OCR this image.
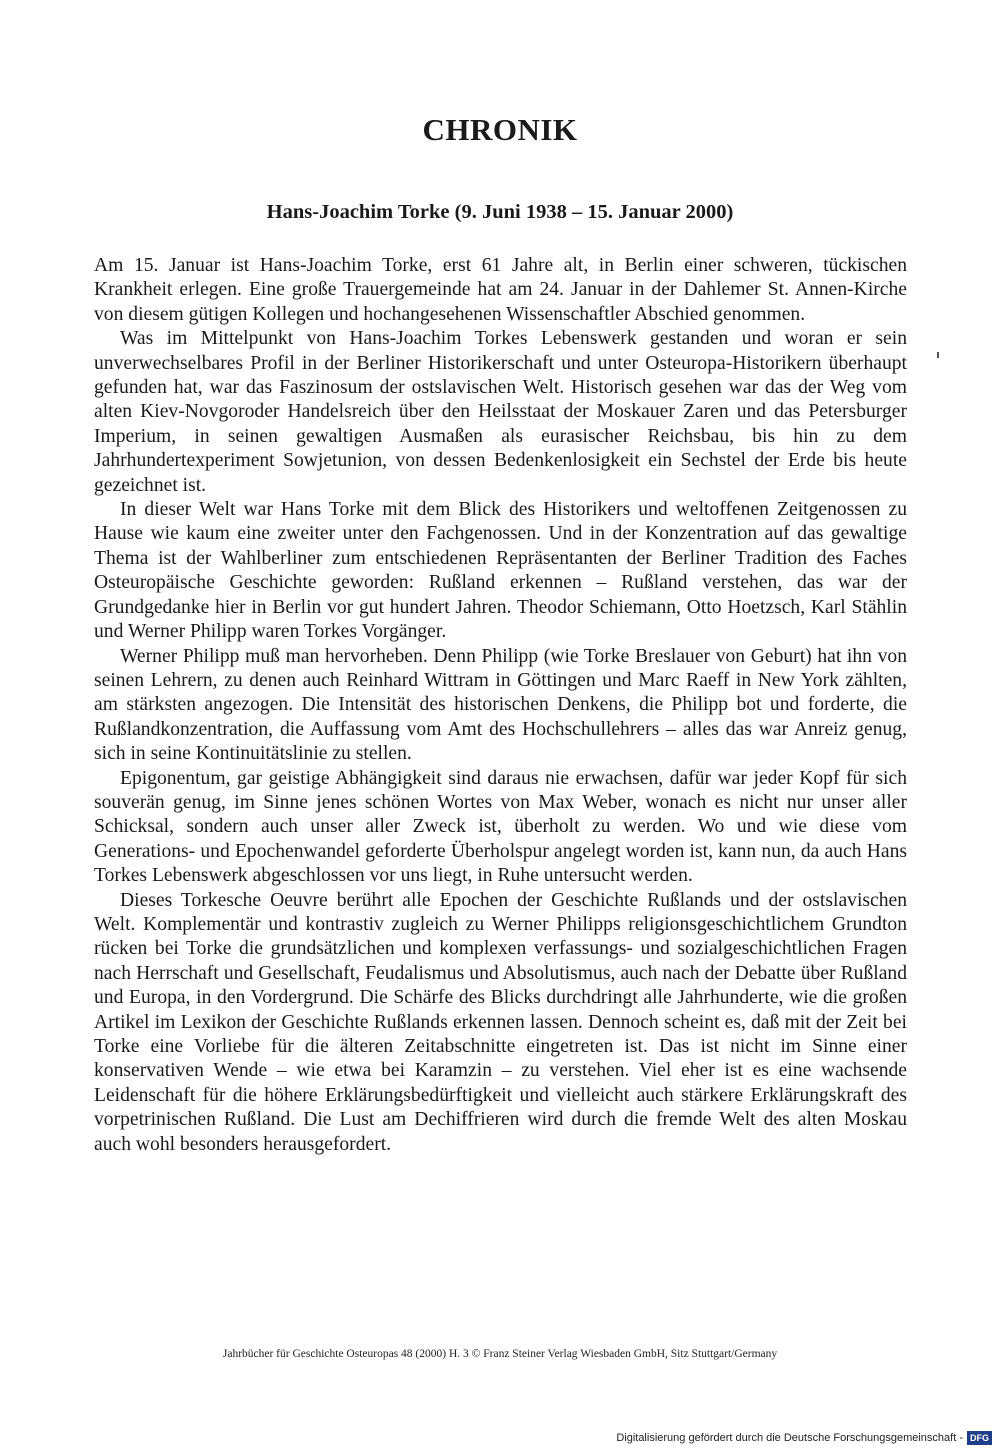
CHRONIK
Hans-Joachim Torke (9. Juni 1938 – 15. Januar 2000)

Am 15. Januar ist Hans-Joachim Torke, erst 61 Jahre alt, in Berlin einer schweren, tückischen Krankheit erlegen. Eine große Trauergemeinde hat am 24. Januar in der Dahlemer St. Annen-Kirche von diesem gütigen Kollegen und hochangesehenen Wissenschaftler Abschied genommen.

Was im Mittelpunkt von Hans-Joachim Torkes Lebenswerk gestanden und woran er sein unverwechselbares Profil in der Berliner Historikerschaft und unter Osteuropa-Historikern überhaupt gefunden hat, war das Faszinosum der ostslavischen Welt. Historisch gesehen war das der Weg vom alten Kiev-Novgoroder Handelsreich über den Heilsstaat der Moskauer Zaren und das Petersburger Imperium, in seinen gewaltigen Ausmaßen als eurasischer Reichsbau, bis hin zu dem Jahrhundertexperiment Sowjetunion, von dessen Bedenkenlosigkeit ein Sechstel der Erde bis heute gezeichnet ist.

In dieser Welt war Hans Torke mit dem Blick des Historikers und weltoffenen Zeitgenossen zu Hause wie kaum eine zweiter unter den Fachgenossen. Und in der Konzentration auf das gewaltige Thema ist der Wahlberliner zum entschiedenen Repräsentanten der Berliner Tradition des Faches Osteuropäische Geschichte geworden: Rußland erkennen – Rußland verstehen, das war der Grundgedanke hier in Berlin vor gut hundert Jahren. Theodor Schiemann, Otto Hoetzsch, Karl Stählin und Werner Philipp waren Torkes Vorgänger.

Werner Philipp muß man hervorheben. Denn Philipp (wie Torke Breslauer von Geburt) hat ihn von seinen Lehrern, zu denen auch Reinhard Wittram in Göttingen und Marc Raeff in New York zählten, am stärksten angezogen. Die Intensität des historischen Denkens, die Philipp bot und forderte, die Rußlandkonzentration, die Auffassung vom Amt des Hochschullehrers – alles das war Anreiz genug, sich in seine Kontinuitätslinie zu stellen.

Epigonentum, gar geistige Abhängigkeit sind daraus nie erwachsen, dafür war jeder Kopf für sich souverän genug, im Sinne jenes schönen Wortes von Max Weber, wonach es nicht nur unser aller Schicksal, sondern auch unser aller Zweck ist, überholt zu werden. Wo und wie diese vom Generations- und Epochenwandel geforderte Überholspur angelegt worden ist, kann nun, da auch Hans Torkes Lebenswerk abgeschlossen vor uns liegt, in Ruhe untersucht werden.

Dieses Torkesche Oeuvre berührt alle Epochen der Geschichte Rußlands und der ostslavischen Welt. Komplementär und kontrastiv zugleich zu Werner Philipps religionsgeschichtlichem Grundton rücken bei Torke die grundsätzlichen und komplexen verfassungs- und sozialgeschichtlichen Fragen nach Herrschaft und Gesellschaft, Feudalismus und Absolutismus, auch nach der Debatte über Rußland und Europa, in den Vordergrund. Die Schärfe des Blicks durchdringt alle Jahrhunderte, wie die großen Artikel im Lexikon der Geschichte Rußlands erkennen lassen. Dennoch scheint es, daß mit der Zeit bei Torke eine Vorliebe für die älteren Zeitabschnitte eingetreten ist. Das ist nicht im Sinne einer konservativen Wende – wie etwa bei Karamzin – zu verstehen. Viel eher ist es eine wachsende Leidenschaft für die höhere Erklärungsbedürftigkeit und vielleicht auch stärkere Erklärungskraft des vorpetrinischen Rußland. Die Lust am Dechiffrieren wird durch die fremde Welt des alten Moskau auch wohl besonders herausgefordert.

Jahrbücher für Geschichte Osteuropas 48 (2000) H. 3 © Franz Steiner Verlag Wiesbaden GmbH, Sitz Stuttgart/Germany
Digitalisierung gefördert durch die Deutsche Forschungsgemeinschaft - DFG
